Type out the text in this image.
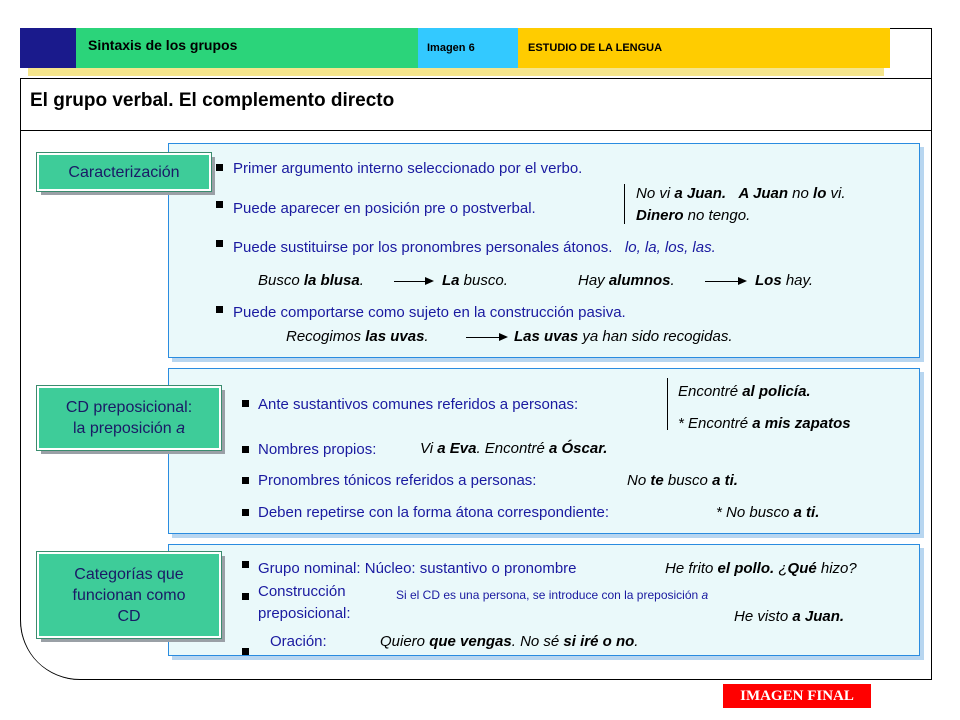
Sintaxis de los grupos	Imagen 6	ESTUDIO DE LA LENGUA
El grupo verbal. El complemento directo
Caracterización	Primer argumento interno seleccionado por el verbo.
Puede aparecer en posición pre o postverbal.
No vi a Juan. A Juan no lo vi.
Dinero no tengo.
Puede sustituirse por los pronombres personales átonos. lo, la, los, las.
Busco la blusa.	La busco.	Hay alumnos.	Los hay.
Puede comportarse como sujeto en la construcción pasiva.
Recogimos las uvas.	Las uvas ya han sido recogidas.
CD preposicional:
la preposición a
Ante sustantivos comunes referidos a personas:
Encontré al policía.
* Encontré a mis zapatos
Nombres propios:	Vi a Eva. Encontré a Óscar.
Pronombres tónicos referidos a personas:	No te busco a ti.
Deben repetirse con la forma átona correspondiente:	* No busco a ti.
Categorías que
funcionan como
CD
Grupo nominal: Núcleo: sustantivo o pronombre	He frito el pollo. ¿Qué hizo?
Construcción
preposicional:
Si el CD es una persona, se introduce con la preposición a
He visto a Juan.
Oración:	Quiero que vengas. No sé si iré o no.
IMAGEN FINAL
